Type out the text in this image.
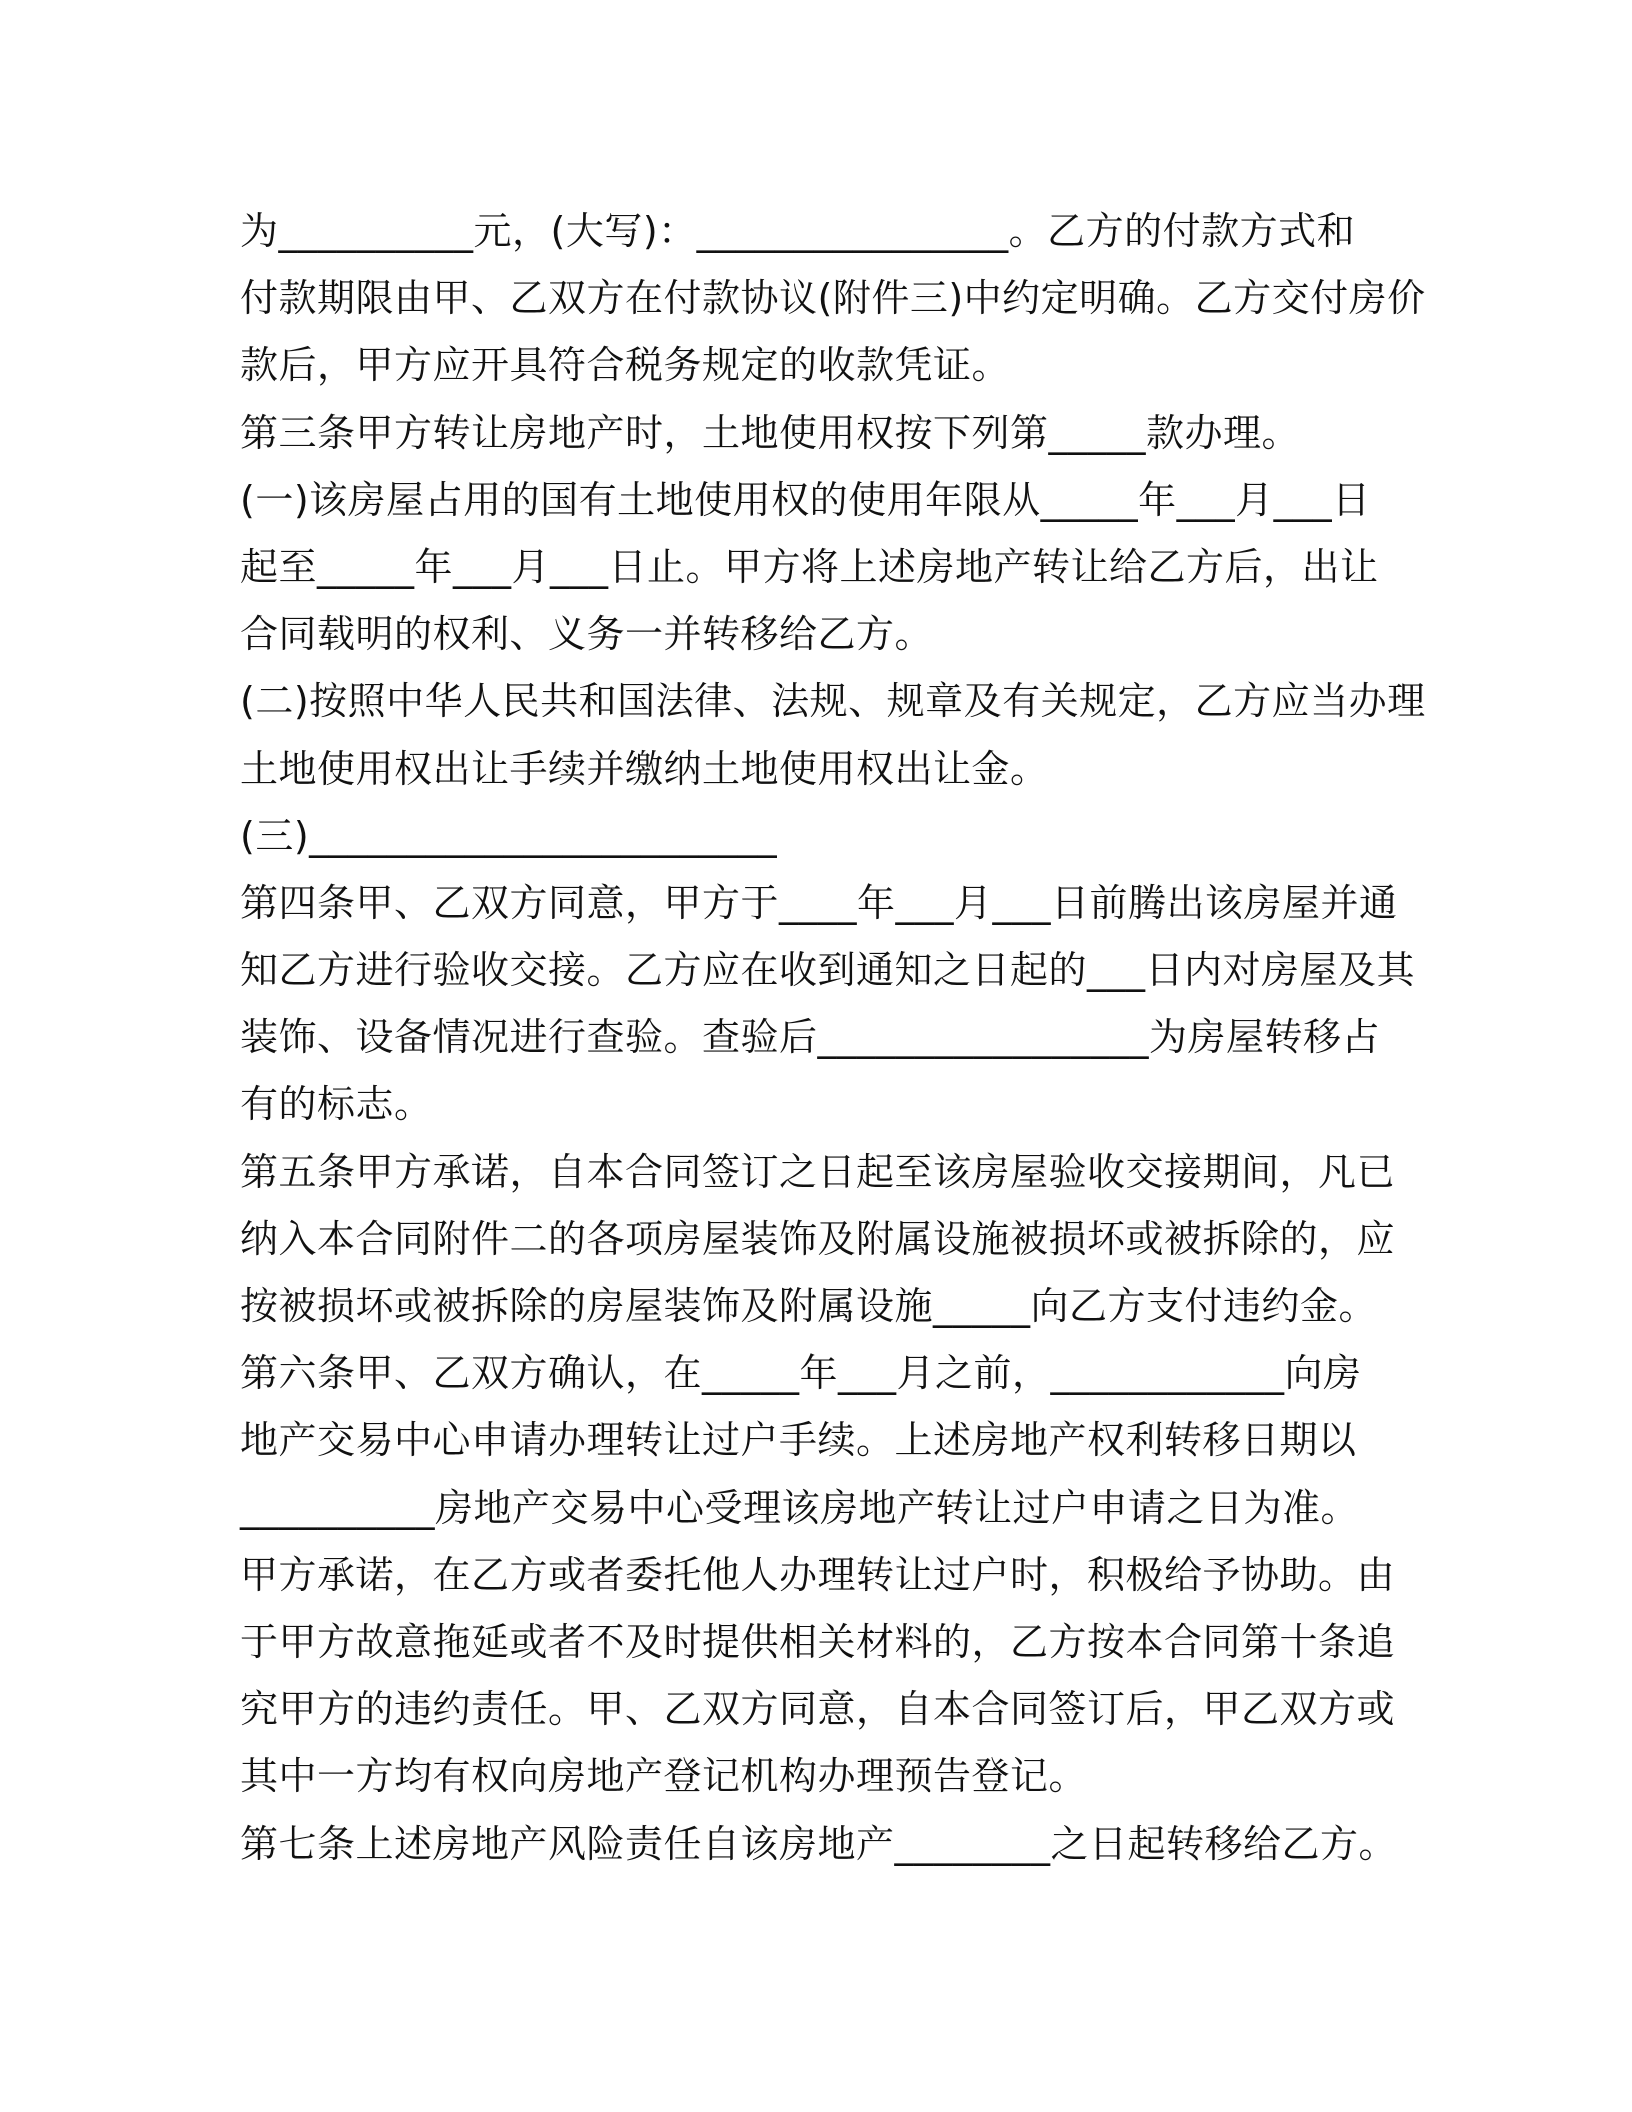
为__________元，(大写)：________________。乙方的付款方式和
付款期限由甲、乙双方在付款协议(附件三)中约定明确。乙方交付房价
款后，甲方应开具符合税务规定的收款凭证。
第三条甲方转让房地产时，土地使用权按下列第_____款办理。
(一)该房屋占用的国有土地使用权的使用年限从_____年___月___日
起至_____年___月___日止。甲方将上述房地产转让给乙方后，出让
合同载明的权利、义务一并转移给乙方。
(二)按照中华人民共和国法律、法规、规章及有关规定，乙方应当办理
土地使用权出让手续并缴纳土地使用权出让金。
(三)________________________
第四条甲、乙双方同意，甲方于____年___月___日前腾出该房屋并通
知乙方进行验收交接。乙方应在收到通知之日起的___日内对房屋及其
装饰、设备情况进行查验。查验后_________________为房屋转移占
有的标志。
第五条甲方承诺，自本合同签订之日起至该房屋验收交接期间，凡已
纳入本合同附件二的各项房屋装饰及附属设施被损坏或被拆除的，应
按被损坏或被拆除的房屋装饰及附属设施_____向乙方支付违约金。
第六条甲、乙双方确认，在_____年___月之前，____________向房
地产交易中心申请办理转让过户手续。上述房地产权利转移日期以
__________房地产交易中心受理该房地产转让过户申请之日为准。
甲方承诺，在乙方或者委托他人办理转让过户时，积极给予协助。由
于甲方故意拖延或者不及时提供相关材料的，乙方按本合同第十条追
究甲方的违约责任。甲、乙双方同意，自本合同签订后，甲乙双方或
其中一方均有权向房地产登记机构办理预告登记。
第七条上述房地产风险责任自该房地产________之日起转移给乙方。
